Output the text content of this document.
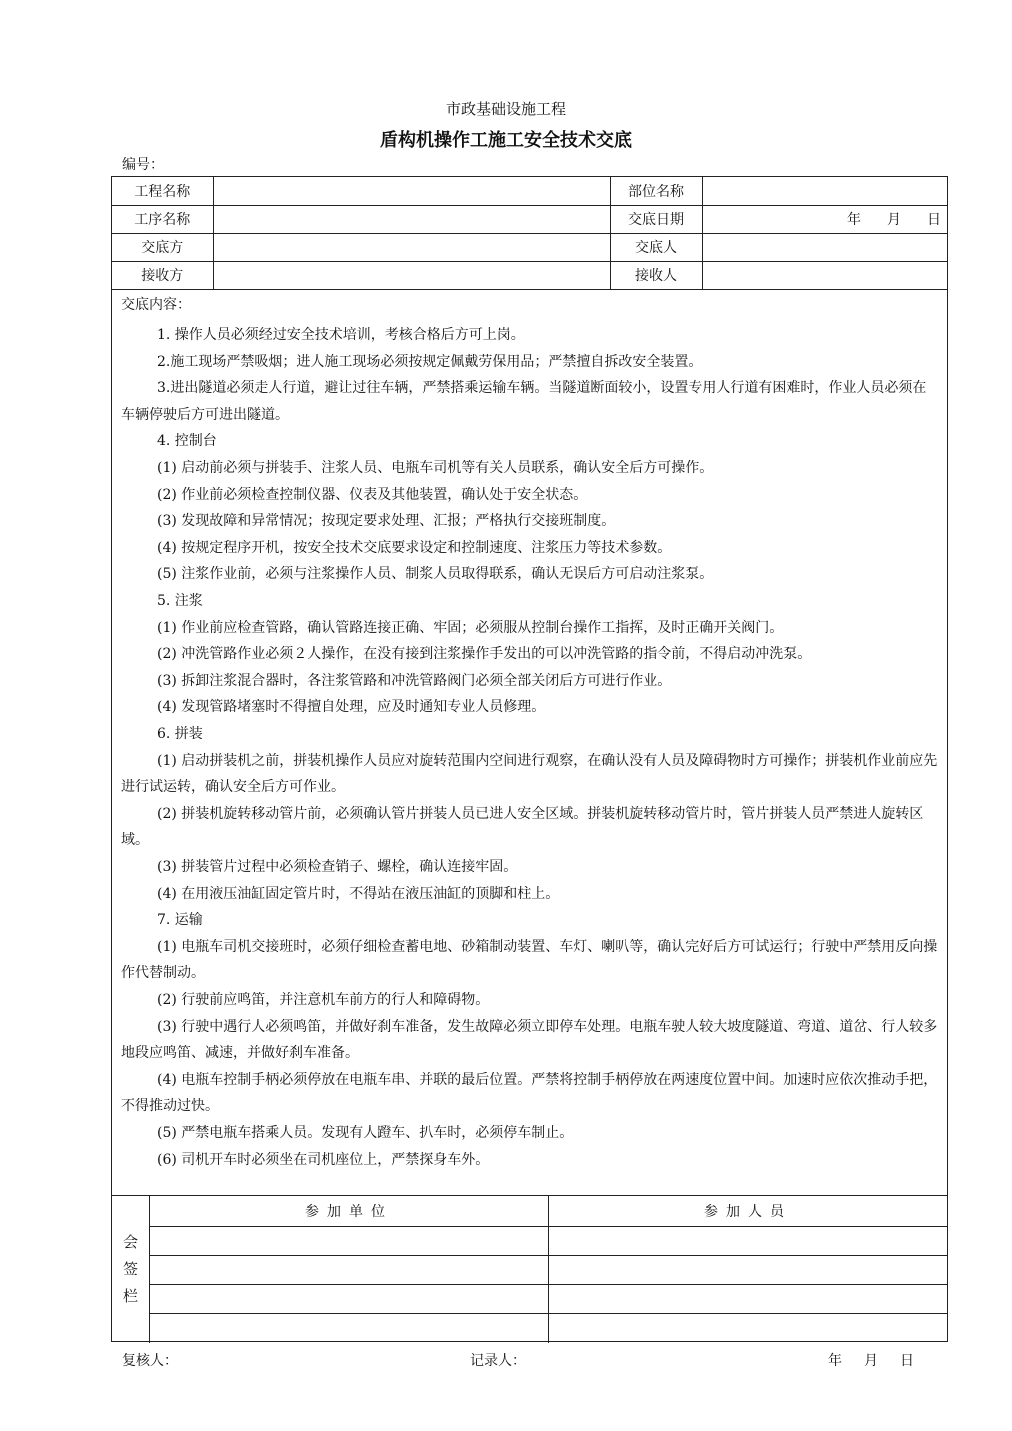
市政基础设施工程
盾构机操作工施工安全技术交底
编号：
工程名称		部位名称	
工序名称		交底日期	年 月 日
交底方		交底人	
接收方		接收人	

交底内容：

1. 操作人员必须经过安全技术培训，考核合格后方可上岗。

2.施工现场严禁吸烟；进人施工现场必须按规定佩戴劳保用品；严禁擅自拆改安全装置。

3.进出隧道必须走人行道，避让过往车辆，严禁搭乘运输车辆。当隧道断面较小，设置专用人行道有困难时，作业人员必须在车辆停驶后方可进出隧道。

4. 控制台

(1) 启动前必须与拼装手、注浆人员、电瓶车司机等有关人员联系，确认安全后方可操作。

(2) 作业前必须检查控制仪器、仪表及其他装置，确认处于安全状态。

(3) 发现故障和异常情况；按现定要求处理、汇报；严格执行交接班制度。

(4) 按规定程序开机，按安全技术交底要求设定和控制速度、注浆压力等技术参数。

(5) 注浆作业前，必须与注浆操作人员、制浆人员取得联系，确认无误后方可启动注浆泵。

5. 注浆

(1) 作业前应检查管路，确认管路连接正确、牢固；必须服从控制台操作工指挥，及时正确开关阀门。

(2) 冲洗管路作业必须２人操作，在没有接到注浆操作手发出的可以冲洗管路的指令前，不得启动冲洗泵。

(3) 拆卸注浆混合器时，各注浆管路和冲洗管路阀门必须全部关闭后方可进行作业。

(4) 发现管路堵塞时不得擅自处理，应及时通知专业人员修理。

6. 拼装

(1) 启动拼装机之前，拼装机操作人员应对旋转范围内空间进行观察，在确认没有人员及障碍物时方可操作；拼装机作业前应先进行试运转，确认安全后方可作业。

(2) 拼装机旋转移动管片前，必须确认管片拼装人员已进人安全区域。拼装机旋转移动管片时，管片拼装人员严禁进人旋转区域。

(3) 拼装管片过程中必须检查销子、螺栓，确认连接牢固。

(4) 在用液压油缸固定管片时，不得站在液压油缸的顶脚和柱上。

7. 运输

(1) 电瓶车司机交接班时，必须仔细检查蓄电地、砂箱制动装置、车灯、喇叭等，确认完好后方可试运行；行驶中严禁用反向操作代替制动。

(2) 行驶前应鸣笛，并注意机车前方的行人和障碍物。

(3) 行驶中遇行人必须鸣笛，并做好刹车准备，发生故障必须立即停车处理。电瓶车驶人较大坡度隧道、弯道、道岔、行人较多地段应鸣笛、减速，并做好刹车准备。

(4) 电瓶车控制手柄必须停放在电瓶车串、并联的最后位置。严禁将控制手柄停放在两速度位置中间。加速时应依次推动手把，不得推动过快。

(5) 严禁电瓶车搭乘人员。发现有人蹬车、扒车时，必须停车制止。

(6) 司机开车时必须坐在司机座位上，严禁探身车外。

会
签
栏
参加单位	参加人员
复核人：	记录人：	年 月 日
